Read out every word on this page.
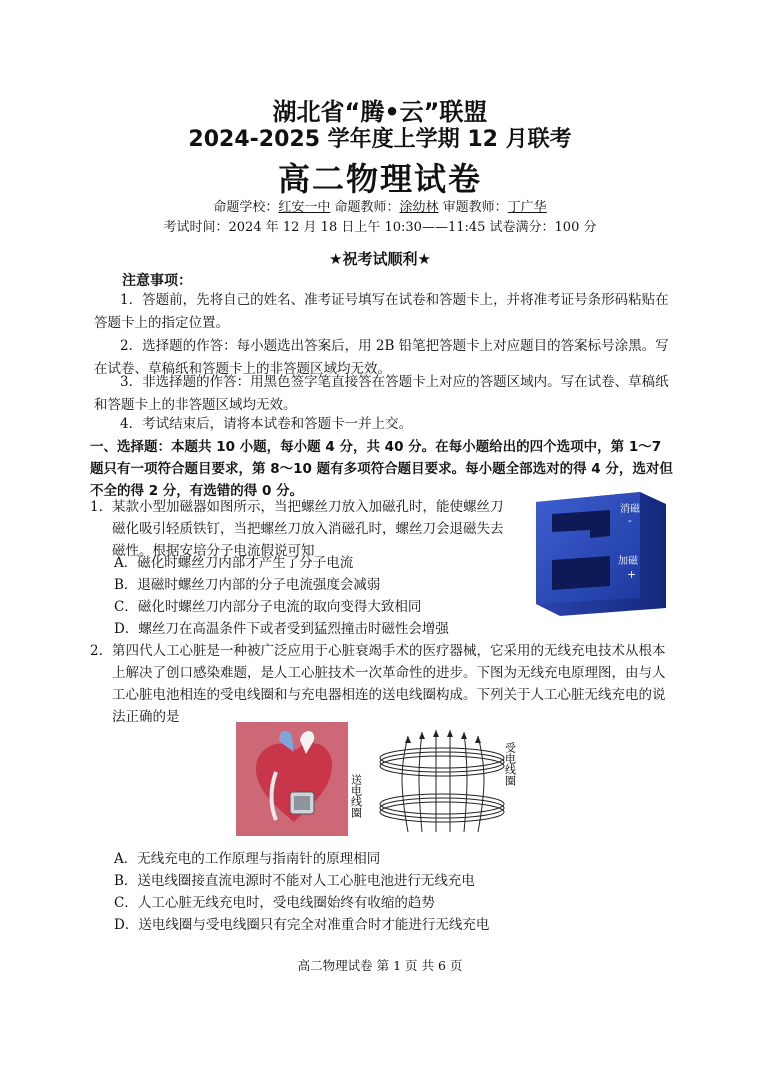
湖北省“腾•云”联盟
2024-2025 学年度上学期 12 月联考
高二物理试卷
命题学校：红安一中 命题教师：涂幼林 审题教师：丁广华
考试时间：2024 年 12 月 18 日上午 10:30——11:45 试卷满分：100 分
★祝考试顺利★
注意事项：
1．答题前，先将自己的姓名、准考证号填写在试卷和答题卡上，并将准考证号条形码粘贴在答题卡上的指定位置。
2．选择题的作答：每小题选出答案后，用 2B 铅笔把答题卡上对应题目的答案标号涂黑。写在试卷、草稿纸和答题卡上的非答题区域均无效。
3．非选择题的作答：用黑色签字笔直接答在答题卡上对应的答题区域内。写在试卷、草稿纸和答题卡上的非答题区域均无效。
4．考试结束后，请将本试卷和答题卡一并上交。
一、选择题：本题共 10 小题，每小题 4 分，共 40 分。在每小题给出的四个选项中，第 1～7 题只有一项符合题目要求，第 8～10 题有多项符合题目要求。每小题全部选对的得 4 分，选对但不全的得 2 分，有选错的得 0 分。
1. 某款小型加磁器如图所示，当把螺丝刀放入加磁孔时，能使螺丝刀磁化吸引轻质铁钉，当把螺丝刀放入消磁孔时，螺丝刀会退磁失去磁性。根据安培分子电流假说可知
A．磁化时螺丝刀内部才产生了分子电流
B．退磁时螺丝刀内部的分子电流强度会减弱
C．磁化时螺丝刀内部分子电流的取向变得大致相同
D．螺丝刀在高温条件下或者受到猛烈撞击时磁性会增强
消磁
-
加磁
+
2. 第四代人工心脏是一种被广泛应用于心脏衰竭手术的医疗器械，它采用的无线充电技术从根本上解决了创口感染难题，是人工心脏技术一次革命性的进步。下图为无线充电原理图，由与人工心脏电池相连的受电线圈和与充电器相连的送电线圈构成。下列关于人工心脏无线充电的说法正确的是
受电线圈
送电线圈
A．无线充电的工作原理与指南针的原理相同
B．送电线圈接直流电源时不能对人工心脏电池进行无线充电
C．人工心脏无线充电时，受电线圈始终有收缩的趋势
D．送电线圈与受电线圈只有完全对准重合时才能进行无线充电
高二物理试卷 第 1 页 共 6 页
